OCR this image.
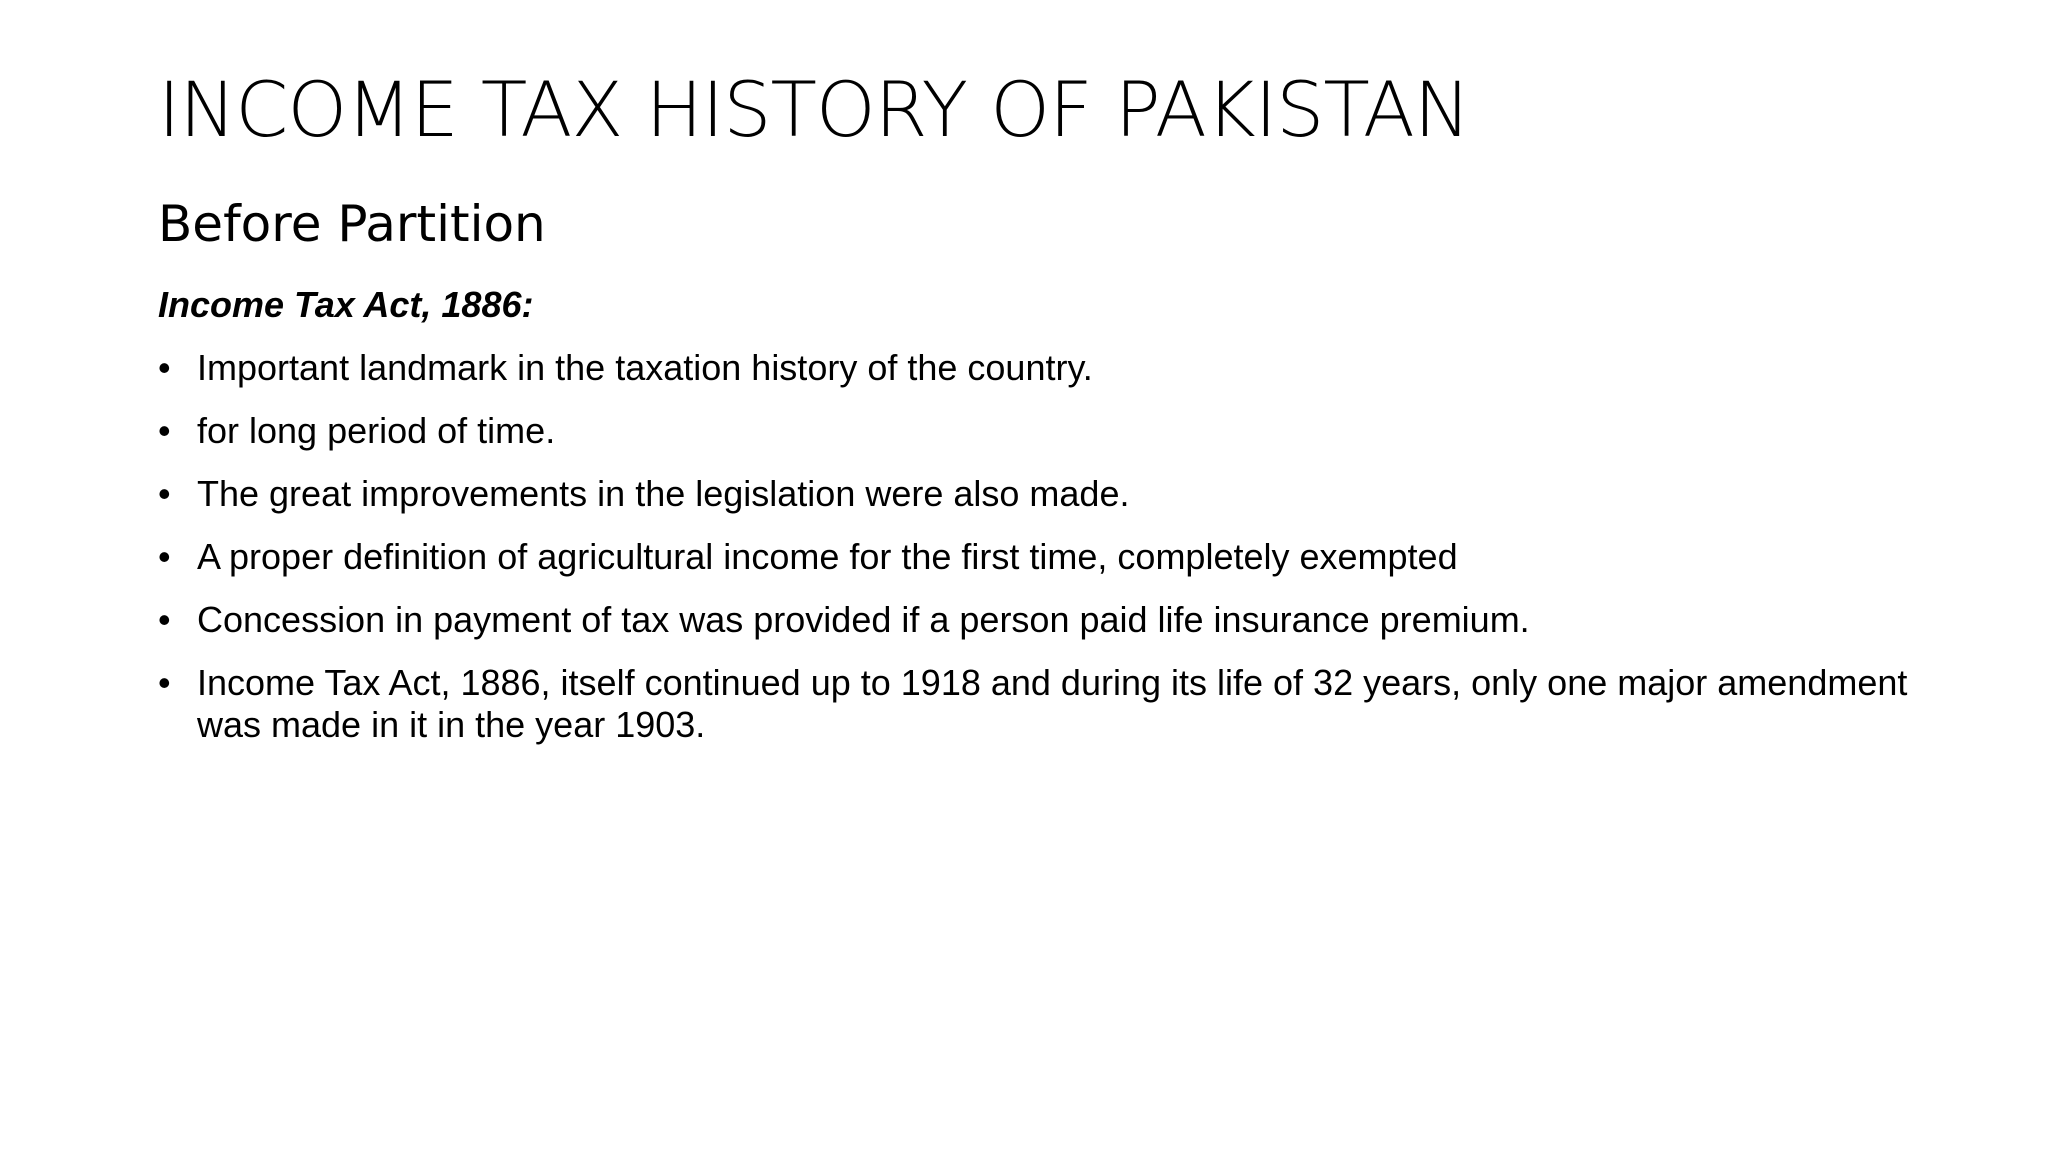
INCOME TAX HISTORY OF PAKISTAN
Before Partition

Income Tax Act, 1886:

• Important landmark in the taxation history of the country.
• for long period of time.
• The great improvements in the legislation were also made.
• A proper definition of agricultural income for the first time, completely exempted
• Concession in payment of tax was provided if a person paid life insurance premium.
• Income Tax Act, 1886, itself continued up to 1918 and during its life of 32 years, only one major amendment was made in it in the year 1903.
